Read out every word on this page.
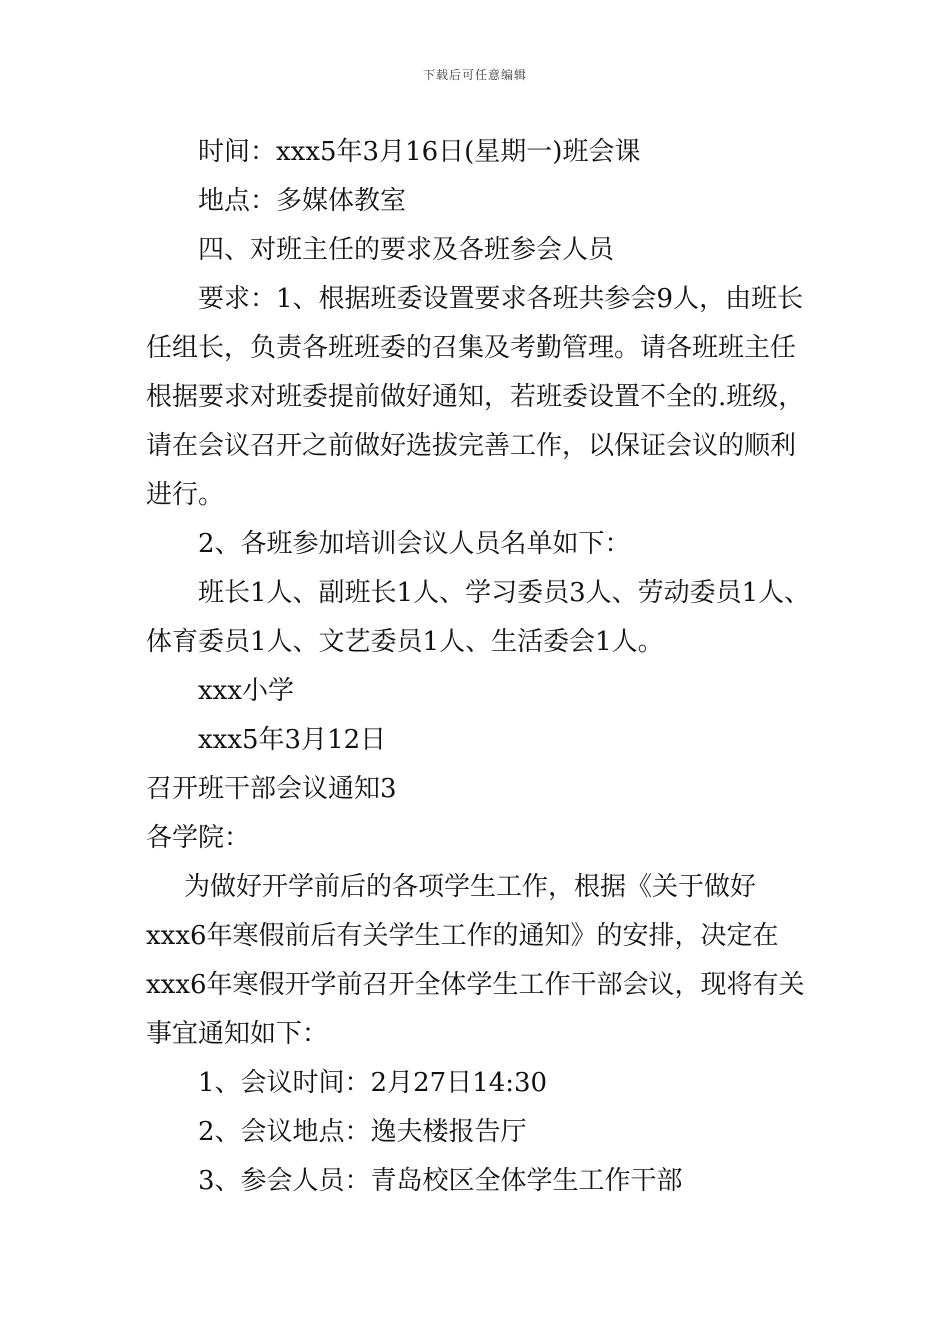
下载后可任意编辑
时间：xxx5年3月16日(星期一)班会课
地点：多媒体教室
四、对班主任的要求及各班参会人员
要求：1、根据班委设置要求各班共参会9人，由班长
任组长，负责各班班委的召集及考勤管理。请各班班主任
根据要求对班委提前做好通知，若班委设置不全的.班级，
请在会议召开之前做好选拔完善工作，以保证会议的顺利
进行。
2、各班参加培训会议人员名单如下：
班长1人、副班长1人、学习委员3人、劳动委员1人、
体育委员1人、文艺委员1人、生活委会1人。
xxx小学
xxx5年3月12日
召开班干部会议通知3
各学院：
为做好开学前后的各项学生工作，根据《关于做好
xxx6年寒假前后有关学生工作的通知》的安排，决定在
xxx6年寒假开学前召开全体学生工作干部会议，现将有关
事宜通知如下：
1、会议时间：2月27日14:30
2、会议地点：逸夫楼报告厅
3、参会人员：青岛校区全体学生工作干部
